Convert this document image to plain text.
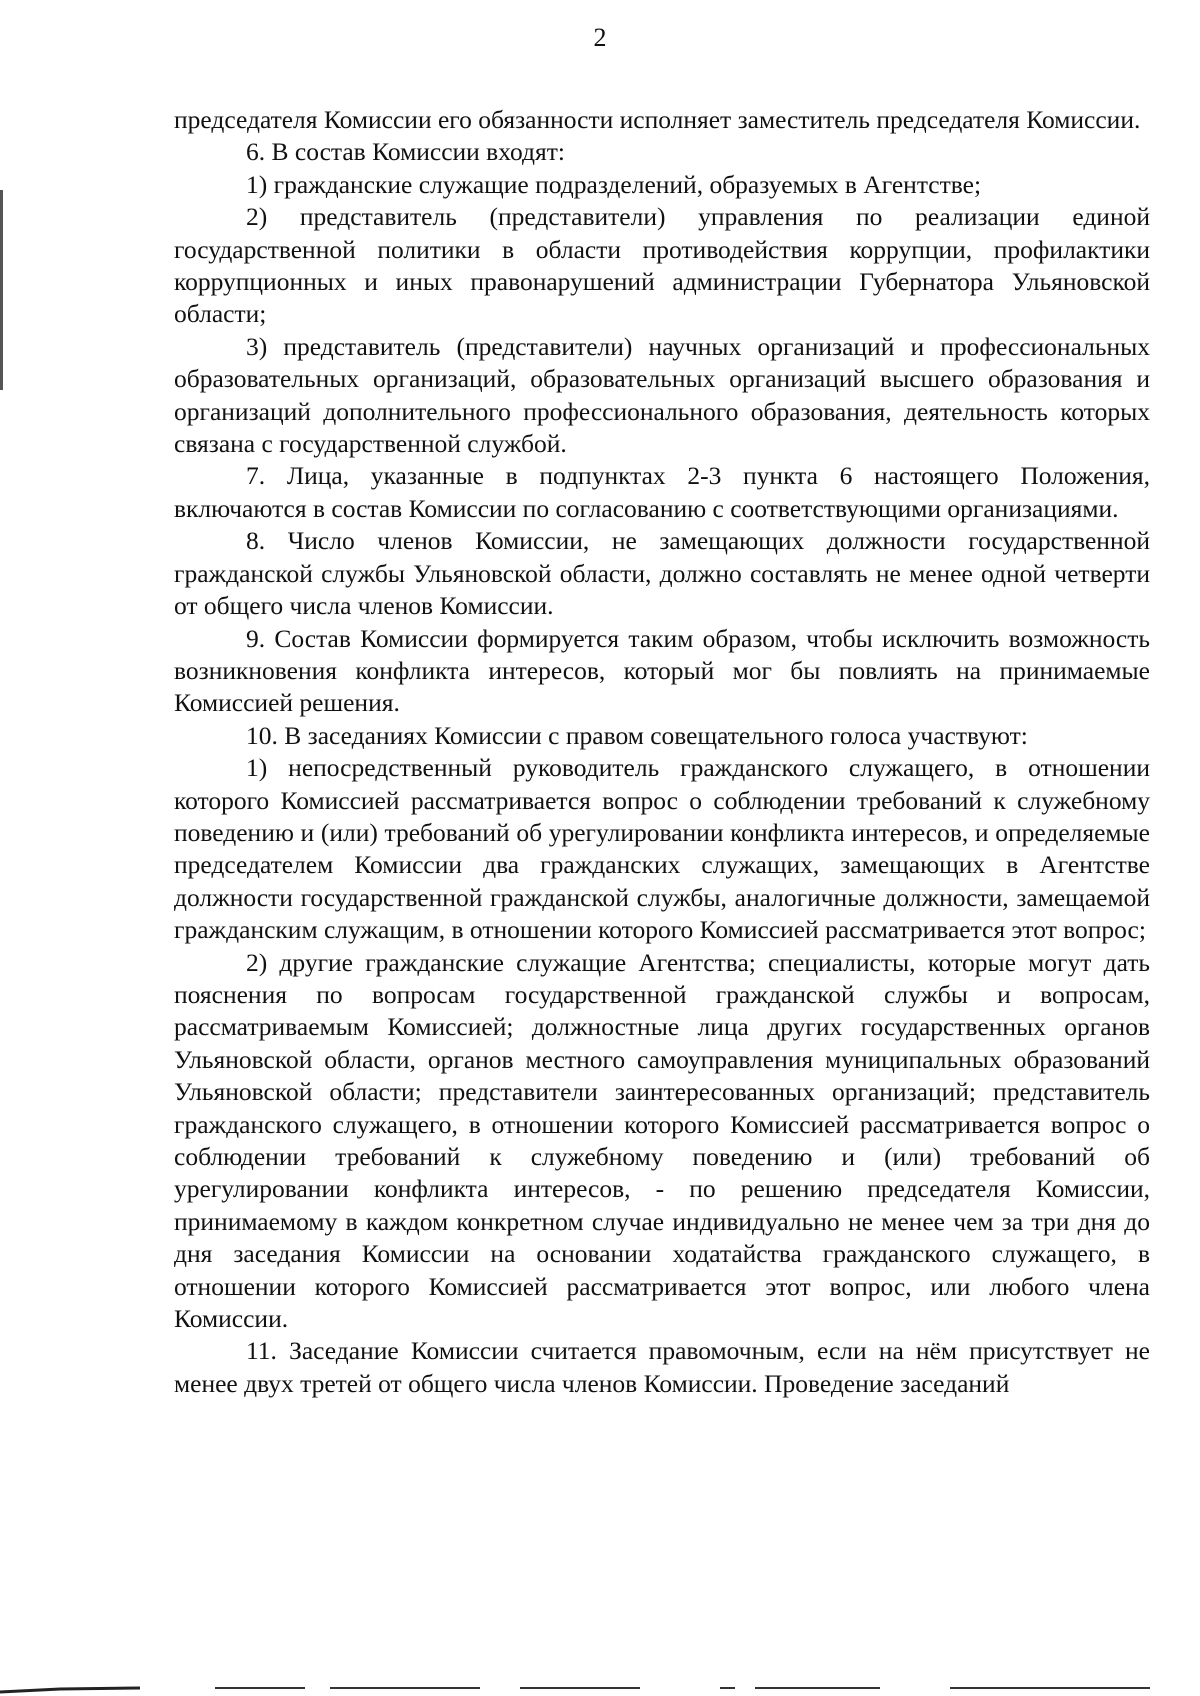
2

председателя Комиссии его обязанности исполняет заместитель председателя Комиссии.

6. В состав Комиссии входят:

1) гражданские служащие подразделений, образуемых в Агентстве;

2) представитель (представители) управления по реализации единой государственной политики в области противодействия коррупции, профилактики коррупционных и иных правонарушений администрации Губернатора Ульяновской области;

3) представитель (представители) научных организаций и профессиональных образовательных организаций, образовательных организаций высшего образования и организаций дополнительного профессионального образования, деятельность которых связана с государственной службой.

7. Лица, указанные в подпунктах 2-3 пункта 6 настоящего Положения, включаются в состав Комиссии по согласованию с соответствующими организациями.

8. Число членов Комиссии, не замещающих должности государственной гражданской службы Ульяновской области, должно составлять не менее одной четверти от общего числа членов Комиссии.

9. Состав Комиссии формируется таким образом, чтобы исключить возможность возникновения конфликта интересов, который мог бы повлиять на принимаемые Комиссией решения.

10. В заседаниях Комиссии с правом совещательного голоса участвуют:

1) непосредственный руководитель гражданского служащего, в отношении которого Комиссией рассматривается вопрос о соблюдении требований к служебному поведению и (или) требований об урегулировании конфликта интересов, и определяемые председателем Комиссии два гражданских служащих, замещающих в Агентстве должности государственной гражданской службы, аналогичные должности, замещаемой гражданским служащим, в отношении которого Комиссией рассматривается этот вопрос;

2) другие гражданские служащие Агентства; специалисты, которые могут дать пояснения по вопросам государственной гражданской службы и вопросам, рассматриваемым Комиссией; должностные лица других государственных органов Ульяновской области, органов местного самоуправления муниципальных образований Ульяновской области; представители заинтересованных организаций; представитель гражданского служащего, в отношении которого Комиссией рассматривается вопрос о соблюдении требований к служебному поведению и (или) требований об урегулировании конфликта интересов, - по решению председателя Комиссии, принимаемому в каждом конкретном случае индивидуально не менее чем за три дня до дня заседания Комиссии на основании ходатайства гражданского служащего, в отношении которого Комиссией рассматривается этот вопрос, или любого члена Комиссии.

11. Заседание Комиссии считается правомочным, если на нём присутствует не менее двух третей от общего числа членов Комиссии. Проведение заседаний
